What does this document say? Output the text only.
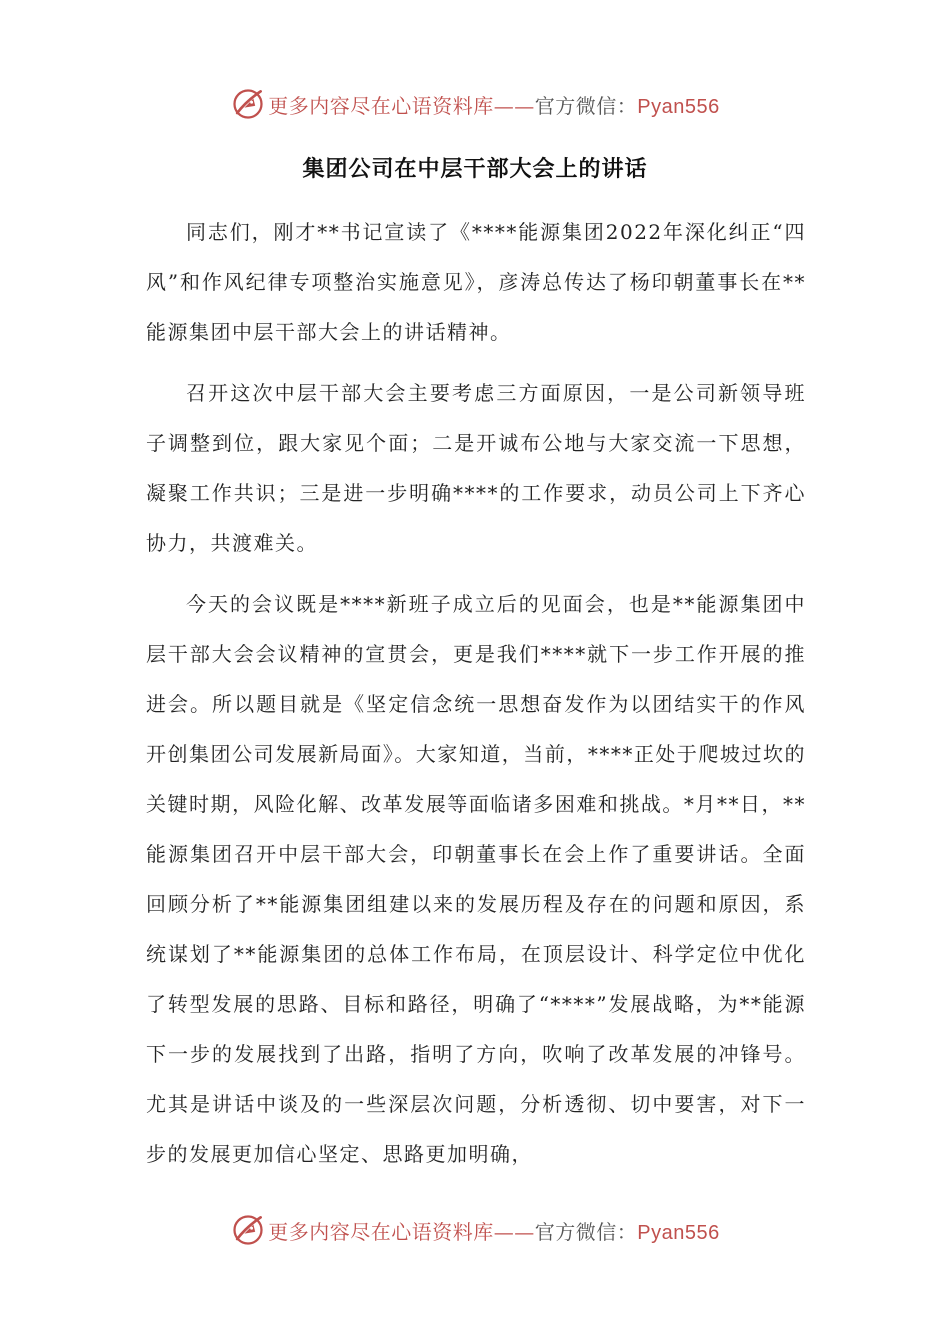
更多内容尽在心语资料库——官方微信：Pyan556
集团公司在中层干部大会上的讲话

同志们，刚才**书记宣读了《****能源集团2022年深化纠正“四风”和作风纪律专项整治实施意见》，彦涛总传达了杨印朝董事长在**能源集团中层干部大会上的讲话精神。

召开这次中层干部大会主要考虑三方面原因，一是公司新领导班子调整到位，跟大家见个面；二是开诚布公地与大家交流一下思想，凝聚工作共识；三是进一步明确****的工作要求，动员公司上下齐心协力，共渡难关。

今天的会议既是****新班子成立后的见面会，也是**能源集团中层干部大会会议精神的宣贯会，更是我们****就下一步工作开展的推进会。所以题目就是《坚定信念统一思想奋发作为以团结实干的作风开创集团公司发展新局面》。大家知道，当前，****正处于爬坡过坎的关键时期，风险化解、改革发展等面临诸多困难和挑战。*月**日，**能源集团召开中层干部大会，印朝董事长在会上作了重要讲话。全面回顾分析了**能源集团组建以来的发展历程及存在的问题和原因，系统谋划了**能源集团的总体工作布局，在顶层设计、科学定位中优化了转型发展的思路、目标和路径，明确了“****”发展战略，为**能源下一步的发展找到了出路，指明了方向，吹响了改革发展的冲锋号。尤其是讲话中谈及的一些深层次问题，分析透彻、切中要害，对下一步的发展更加信心坚定、思路更加明确，

更多内容尽在心语资料库——官方微信：Pyan556
